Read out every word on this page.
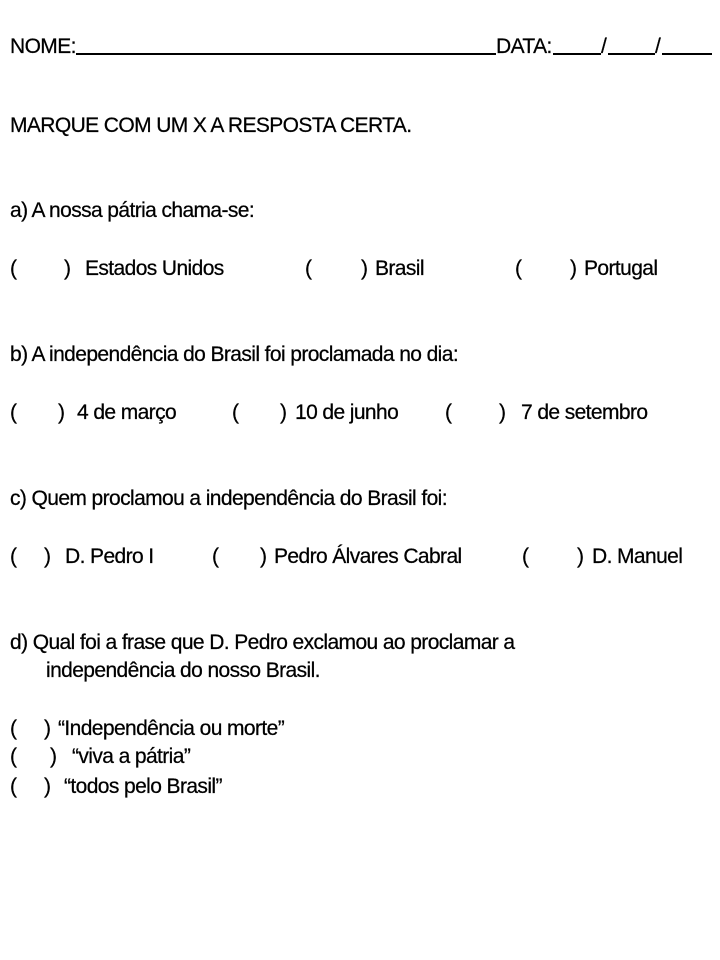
NOME:	DATA: / /
MARQUE COM UM X A RESPOSTA CERTA.
a) A nossa pátria chama-se:
( ) Estados Unidos	( ) Brasil	( ) Portugal
b) A independência do Brasil foi proclamada no dia:
( ) 4 de março	( ) 10 de junho ( ) 7 de setembro
c) Quem proclamou a independência do Brasil foi:
( ) D. Pedro I	( ) Pedro Álvares Cabral	( ) D. Manuel
d) Qual foi a frase que D. Pedro exclamou ao proclamar a
independência do nosso Brasil.
( ) “Independência ou morte”
( ) “viva a pátria”
( ) “todos pelo Brasil”
